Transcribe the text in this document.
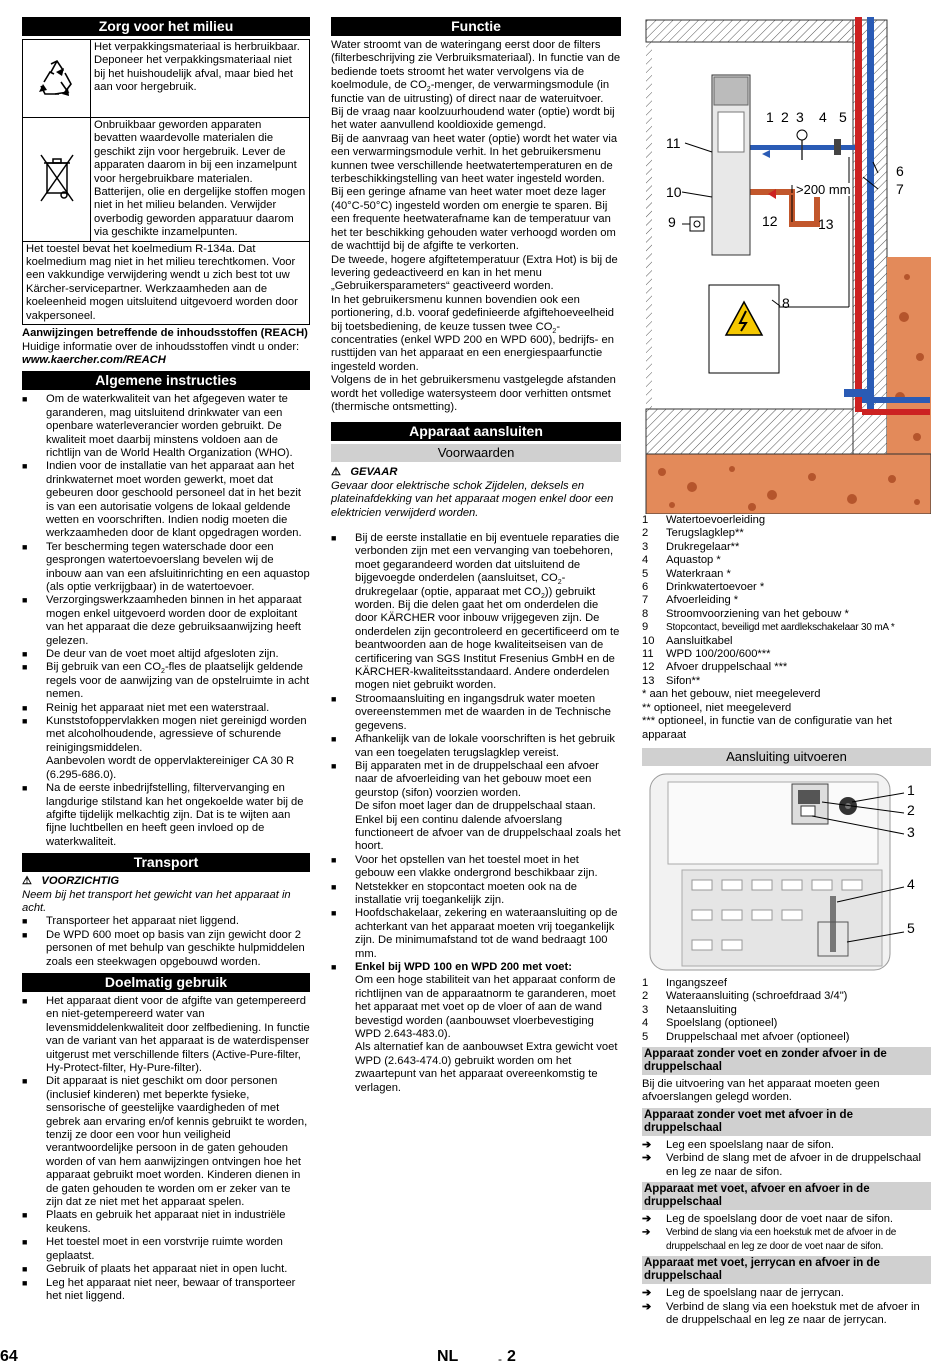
Zorg voor het milieu
Het verpakkingsmateriaal is herbruikbaar. Deponeer het verpakkingsmateriaal niet bij het huishoudelijk afval, maar bied het aan voor hergebruik.
Onbruikbaar geworden apparaten bevatten waardevolle materialen die geschikt zijn voor hergebruik. Lever de apparaten daarom in bij een inzamelpunt voor hergebruikbare materialen. Batterijen, olie en dergelijke stoffen mogen niet in het milieu belanden. Verwijder overbodig geworden apparatuur daarom via geschikte inzamelpunten.
Het toestel bevat het koelmedium R-134a. Dat koelmedium mag niet in het milieu terechtkomen. Voor een vakkundige verwijdering wendt u zich best tot uw Kärcher-servicepartner. Werkzaamheden aan de koeleenheid mogen uitsluitend uitgevoerd worden door vakpersoneel.

Aanwijzingen betreffende de inhoudsstoffen (REACH)

Huidige informatie over de inhoudsstoffen vindt u onder:

www.kaercher.com/REACH

Algemene instructies

■ Om de waterkwaliteit van het afgegeven water te garanderen, mag uitsluitend drinkwater van een openbare waterleverancier worden gebruikt. De kwaliteit moet daarbij minstens voldoen aan de richtlijn van de World Health Organization (WHO).

■ Indien voor de installatie van het apparaat aan het drinkwaternet moet worden gewerkt, moet dat gebeuren door geschoold personeel dat in het bezit is van een autorisatie volgens de lokaal geldende wetten en voorschriften. Indien nodig moeten die werkzaamheden door de klant opgedragen worden.

■ Ter bescherming tegen waterschade door een gesprongen watertoevoerslang bevelen wij de inbouw aan van een afsluitinrichting en een aquastop (als optie verkrijgbaar) in de watertoevoer.

■ Verzorgingswerkzaamheden binnen in het apparaat mogen enkel uitgevoerd worden door de exploitant van het apparaat die deze gebruiksaanwijzing heeft gelezen.

■ De deur van de voet moet altijd afgesloten zijn.

■ Bij gebruik van een $CO_2$-fles de plaatselijk geldende regels voor de aanwijzing van de opstelruimte in acht nemen.

■ Reinig het apparaat niet met een waterstraal.

■ Kunststofoppervlakken mogen niet gereinigd worden met alcoholhoudende, agressieve of schurende reinigingsmiddelen.
Aanbevolen wordt de oppervlaktereiniger CA 30 R (6.295-686.0).

■ Na de eerste inbedrijfstelling, filtervervanging en langdurige stilstand kan het ongekoelde water bij de afgifte tijdelijk melkachtig zijn. Dat is te wijten aan fijne luchtbellen en heeft geen invloed op de waterkwaliteit.

Transport

⚠ VOORZICHTIG

Neem bij het transport het gewicht van het apparaat in acht.

■ Transporteer het apparaat niet liggend.

■ De WPD 600 moet op basis van zijn gewicht door 2 personen of met behulp van geschikte hulpmiddelen zoals een steekwagen opgebouwd worden.

Doelmatig gebruik

■ Het apparaat dient voor de afgifte van getempereerd en niet-getempereerd water van levensmiddelenkwaliteit door zelfbediening. In functie van de variant van het apparaat is de waterdispenser uitgerust met verschillende filters (Active-Pure-filter, Hy-Protect-filter, Hy-Pure-filter).

■ Dit apparaat is niet geschikt om door personen (inclusief kinderen) met beperkte fysieke, sensorische of geestelijke vaardigheden of met gebrek aan ervaring en/of kennis gebruikt te worden, tenzij ze door een voor hun veiligheid verantwoordelijke persoon in de gaten gehouden worden of van hem aanwijzingen ontvingen hoe het apparaat gebruikt moet worden. Kinderen dienen in de gaten gehouden te worden om er zeker van te zijn dat ze niet met het apparaat spelen.

■ Plaats en gebruik het apparaat niet in industriële keukens.

■ Het toestel moet in een vorstvrije ruimte worden geplaatst.

■ Gebruik of plaats het apparaat niet in open lucht.

■ Leg het apparaat niet neer, bewaar of transporteer het niet liggend.

Functie

Water stroomt van de wateringang eerst door de filters (filterbeschrijving zie Verbruiksmateriaal). In functie van de bediende toets stroomt het water vervolgens via de koelmodule, de $CO_2$-menger, de verwarmingsmodule (in functie van de uitrusting) of direct naar de wateruitvoer.

Bij de vraag naar koolzuurhoudend water (optie) wordt bij het water aanvullend kooldioxide gemengd.

Bij de aanvraag van heet water (optie) wordt het water via een verwarmingsmodule verhit. In het gebruikersmenu kunnen twee verschillende heetwatertemperaturen en de terbeschikkingstelling van heet water ingesteld worden.

Bij een geringe afname van heet water moet deze lager (40°C-50°C) ingesteld worden om energie te sparen. Bij een frequente heetwaterafname kan de temperatuur van het ter beschikking gehouden water verhoogd worden om de wachttijd bij de afgifte te verkorten.

De tweede, hogere afgiftetemperatuur (Extra Hot) is bij de levering gedeactiveerd en kan in het menu „Gebruikersparameters“ geactiveerd worden.

In het gebruikersmenu kunnen bovendien ook een portionering, d.b. vooraf gedefinieerde afgiftehoeveelheid bij toetsbediening, de keuze tussen twee $CO_2$-concentraties (enkel WPD 200 en WPD 600), bedrijfs- en rusttijden van het apparaat en een energiespaarfunctie ingesteld worden.

Volgens de in het gebruikersmenu vastgelegde afstanden wordt het volledige watersysteem door verhitten ontsmet (thermische ontsmetting).

Apparaat aansluiten
Voorwaarden

⚠ GEVAAR

Gevaar door elektrische schok Zijdelen, deksels en plateinafdekking van het apparaat mogen enkel door een elektricien verwijderd worden.

■ Bij de eerste installatie en bij eventuele reparaties die verbonden zijn met een vervanging van toebehoren, moet gegarandeerd worden dat uitsluitend de bijgevoegde onderdelen (aansluitset, $CO_2$-drukregelaar (optie, apparaat met $CO_2$)) gebruikt worden. Bij die delen gaat het om onderdelen die door KÄRCHER voor inbouw vrijgegeven zijn. De onderdelen zijn gecontroleerd en gecertificeerd om te beantwoorden aan de hoge kwaliteitseisen van de certificering van SGS Institut Fresenius GmbH en de KÄRCHER-kwaliteitsstandaard. Andere onderdelen mogen niet gebruikt worden.

■ Stroomaansluiting en ingangsdruk water moeten overeenstemmen met de waarden in de Technische gegevens.

■ Afhankelijk van de lokale voorschriften is het gebruik van een toegelaten terugslagklep vereist.

■ Bij apparaten met in de druppelschaal een afvoer naar de afvoerleiding van het gebouw moet een geurstop (sifon) voorzien worden.
De sifon moet lager dan de druppelschaal staan. Enkel bij een continu dalende afvoerslang functioneert de afvoer van de druppelschaal zoals het hoort.

■ Voor het opstellen van het toestel moet in het gebouw een vlakke ondergrond beschikbaar zijn.

■ Netstekker en stopcontact moeten ook na de installatie vrij toegankelijk zijn.

■ Hoofdschakelaar, zekering en wateraansluiting op de achterkant van het apparaat moeten vrij toegankelijk zijn. De minimumafstand tot de wand bedraagt 100 mm.

■ Enkel bij WPD 100 en WPD 200 met voet:

Om een hoge stabiliteit van het apparaat conform de richtlijnen van de apparaatnorm te garanderen, moet het apparaat met voet op de vloer of aan de wand bevestigd worden (aanbouwset vloerbevestiging WPD 2.643-483.0).
Als alternatief kan de aanbouwset Extra gewicht voet WPD (2.643-474.0) gebruikt worden om het zwaartepunt van het apparaat overeenkomstig te verlagen.

1 2 3 4 5
6
7
8
9
10
11
12	13
>200 mm
1	Watertoevoerleiding
2	Terugslagklep**
3	Drukregelaar**
4	Aquastop *
5	Waterkraan *
6	Drinkwatertoevoer *
7	Afvoerleiding *
8	Stroomvoorziening van het gebouw *
9	Stopcontact, beveiligd met aardlekschakelaar 30 mA *
10	Aansluitkabel
11	WPD 100/200/600***
12	Afvoer druppelschaal ***
13	Sifon**

* aan het gebouw, niet meegeleverd

** optioneel, niet meegeleverd

*** optioneel, in functie van de configuratie van het apparaat

Aansluiting uitvoeren
1
2
3
4
5
1	Ingangszeef
2	Wateraansluiting (schroefdraad 3/4")
3	Netaansluiting
4	Spoelslang (optioneel)
5	Druppelschaal met afvoer (optioneel)
Apparaat zonder voet en zonder afvoer in de druppelschaal

Bij die uitvoering van het apparaat moeten geen afvoerslangen gelegd worden.

Apparaat zonder voet met afvoer in de druppelschaal

➔ Leg een spoelslang naar de sifon.

➔ Verbind de slang met de afvoer in de druppelschaal en leg ze naar de sifon.

Apparaat met voet, afvoer en afvoer in de druppelschaal

➔ Leg de spoelslang door de voet naar de sifon.

➔ Verbind de slang via een hoekstuk met de afvoer in de druppelschaal en leg ze door de voet naar de sifon.

Apparaat met voet, jerrycan en afvoer in de druppelschaal

➔ Leg de spoelslang naar de jerrycan.

➔ Verbind de slang via een hoekstuk met de afvoer in de druppelschaal en leg ze naar de jerrycan.

64	NL	- 2
